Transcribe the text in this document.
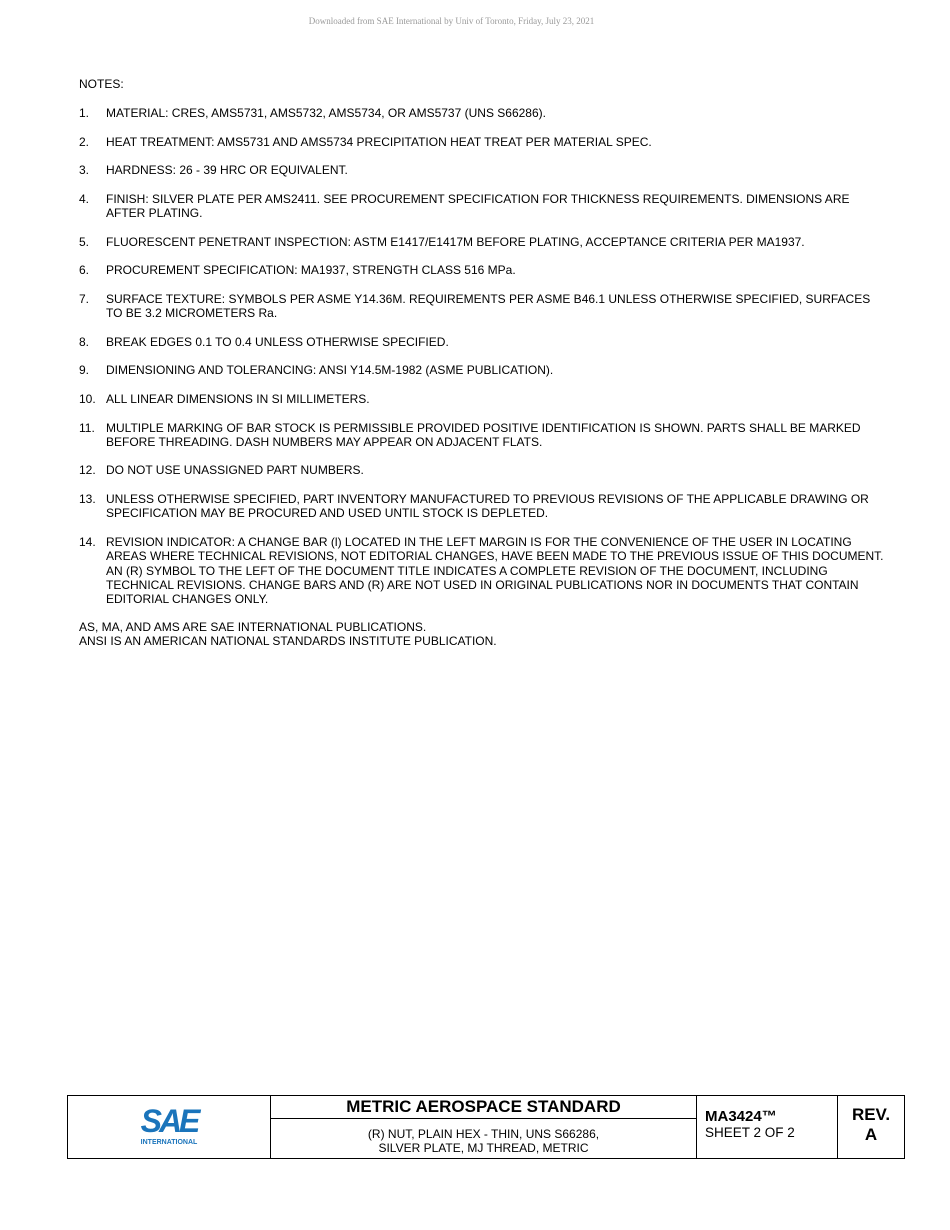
Downloaded from SAE International by Univ of Toronto, Friday, July 23, 2021
NOTES:
1.	MATERIAL: CRES, AMS5731, AMS5732, AMS5734, OR AMS5737 (UNS S66286).
2.	HEAT TREATMENT: AMS5731 AND AMS5734 PRECIPITATION HEAT TREAT PER MATERIAL SPEC.
3.	HARDNESS: 26 - 39 HRC OR EQUIVALENT.
4.	FINISH: SILVER PLATE PER AMS2411. SEE PROCUREMENT SPECIFICATION FOR THICKNESS REQUIREMENTS. DIMENSIONS ARE AFTER PLATING.
5.	FLUORESCENT PENETRANT INSPECTION: ASTM E1417/E1417M BEFORE PLATING, ACCEPTANCE CRITERIA PER MA1937.
6.	PROCUREMENT SPECIFICATION: MA1937, STRENGTH CLASS 516 MPa.
7.	SURFACE TEXTURE: SYMBOLS PER ASME Y14.36M. REQUIREMENTS PER ASME B46.1 UNLESS OTHERWISE SPECIFIED, SURFACES TO BE 3.2 MICROMETERS Ra.
8.	BREAK EDGES 0.1 TO 0.4 UNLESS OTHERWISE SPECIFIED.
9.	DIMENSIONING AND TOLERANCING: ANSI Y14.5M-1982 (ASME PUBLICATION).
10. ALL LINEAR DIMENSIONS IN SI MILLIMETERS.
11. MULTIPLE MARKING OF BAR STOCK IS PERMISSIBLE PROVIDED POSITIVE IDENTIFICATION IS SHOWN. PARTS SHALL BE MARKED BEFORE THREADING. DASH NUMBERS MAY APPEAR ON ADJACENT FLATS.
12. DO NOT USE UNASSIGNED PART NUMBERS.
13. UNLESS OTHERWISE SPECIFIED, PART INVENTORY MANUFACTURED TO PREVIOUS REVISIONS OF THE APPLICABLE DRAWING OR SPECIFICATION MAY BE PROCURED AND USED UNTIL STOCK IS DEPLETED.
14. REVISION INDICATOR: A CHANGE BAR (l) LOCATED IN THE LEFT MARGIN IS FOR THE CONVENIENCE OF THE USER IN LOCATING AREAS WHERE TECHNICAL REVISIONS, NOT EDITORIAL CHANGES, HAVE BEEN MADE TO THE PREVIOUS ISSUE OF THIS DOCUMENT. AN (R) SYMBOL TO THE LEFT OF THE DOCUMENT TITLE INDICATES A COMPLETE REVISION OF THE DOCUMENT, INCLUDING TECHNICAL REVISIONS. CHANGE BARS AND (R) ARE NOT USED IN ORIGINAL PUBLICATIONS NOR IN DOCUMENTS THAT CONTAIN EDITORIAL CHANGES ONLY.
AS, MA, AND AMS ARE SAE INTERNATIONAL PUBLICATIONS.
ANSI IS AN AMERICAN NATIONAL STANDARDS INSTITUTE PUBLICATION.
SAE
INTERNATIONAL
METRIC AEROSPACE STANDARD
(R) NUT, PLAIN HEX - THIN, UNS S66286,
SILVER PLATE, MJ THREAD, METRIC
MA3424™
SHEET 2 OF 2
REV.
A
